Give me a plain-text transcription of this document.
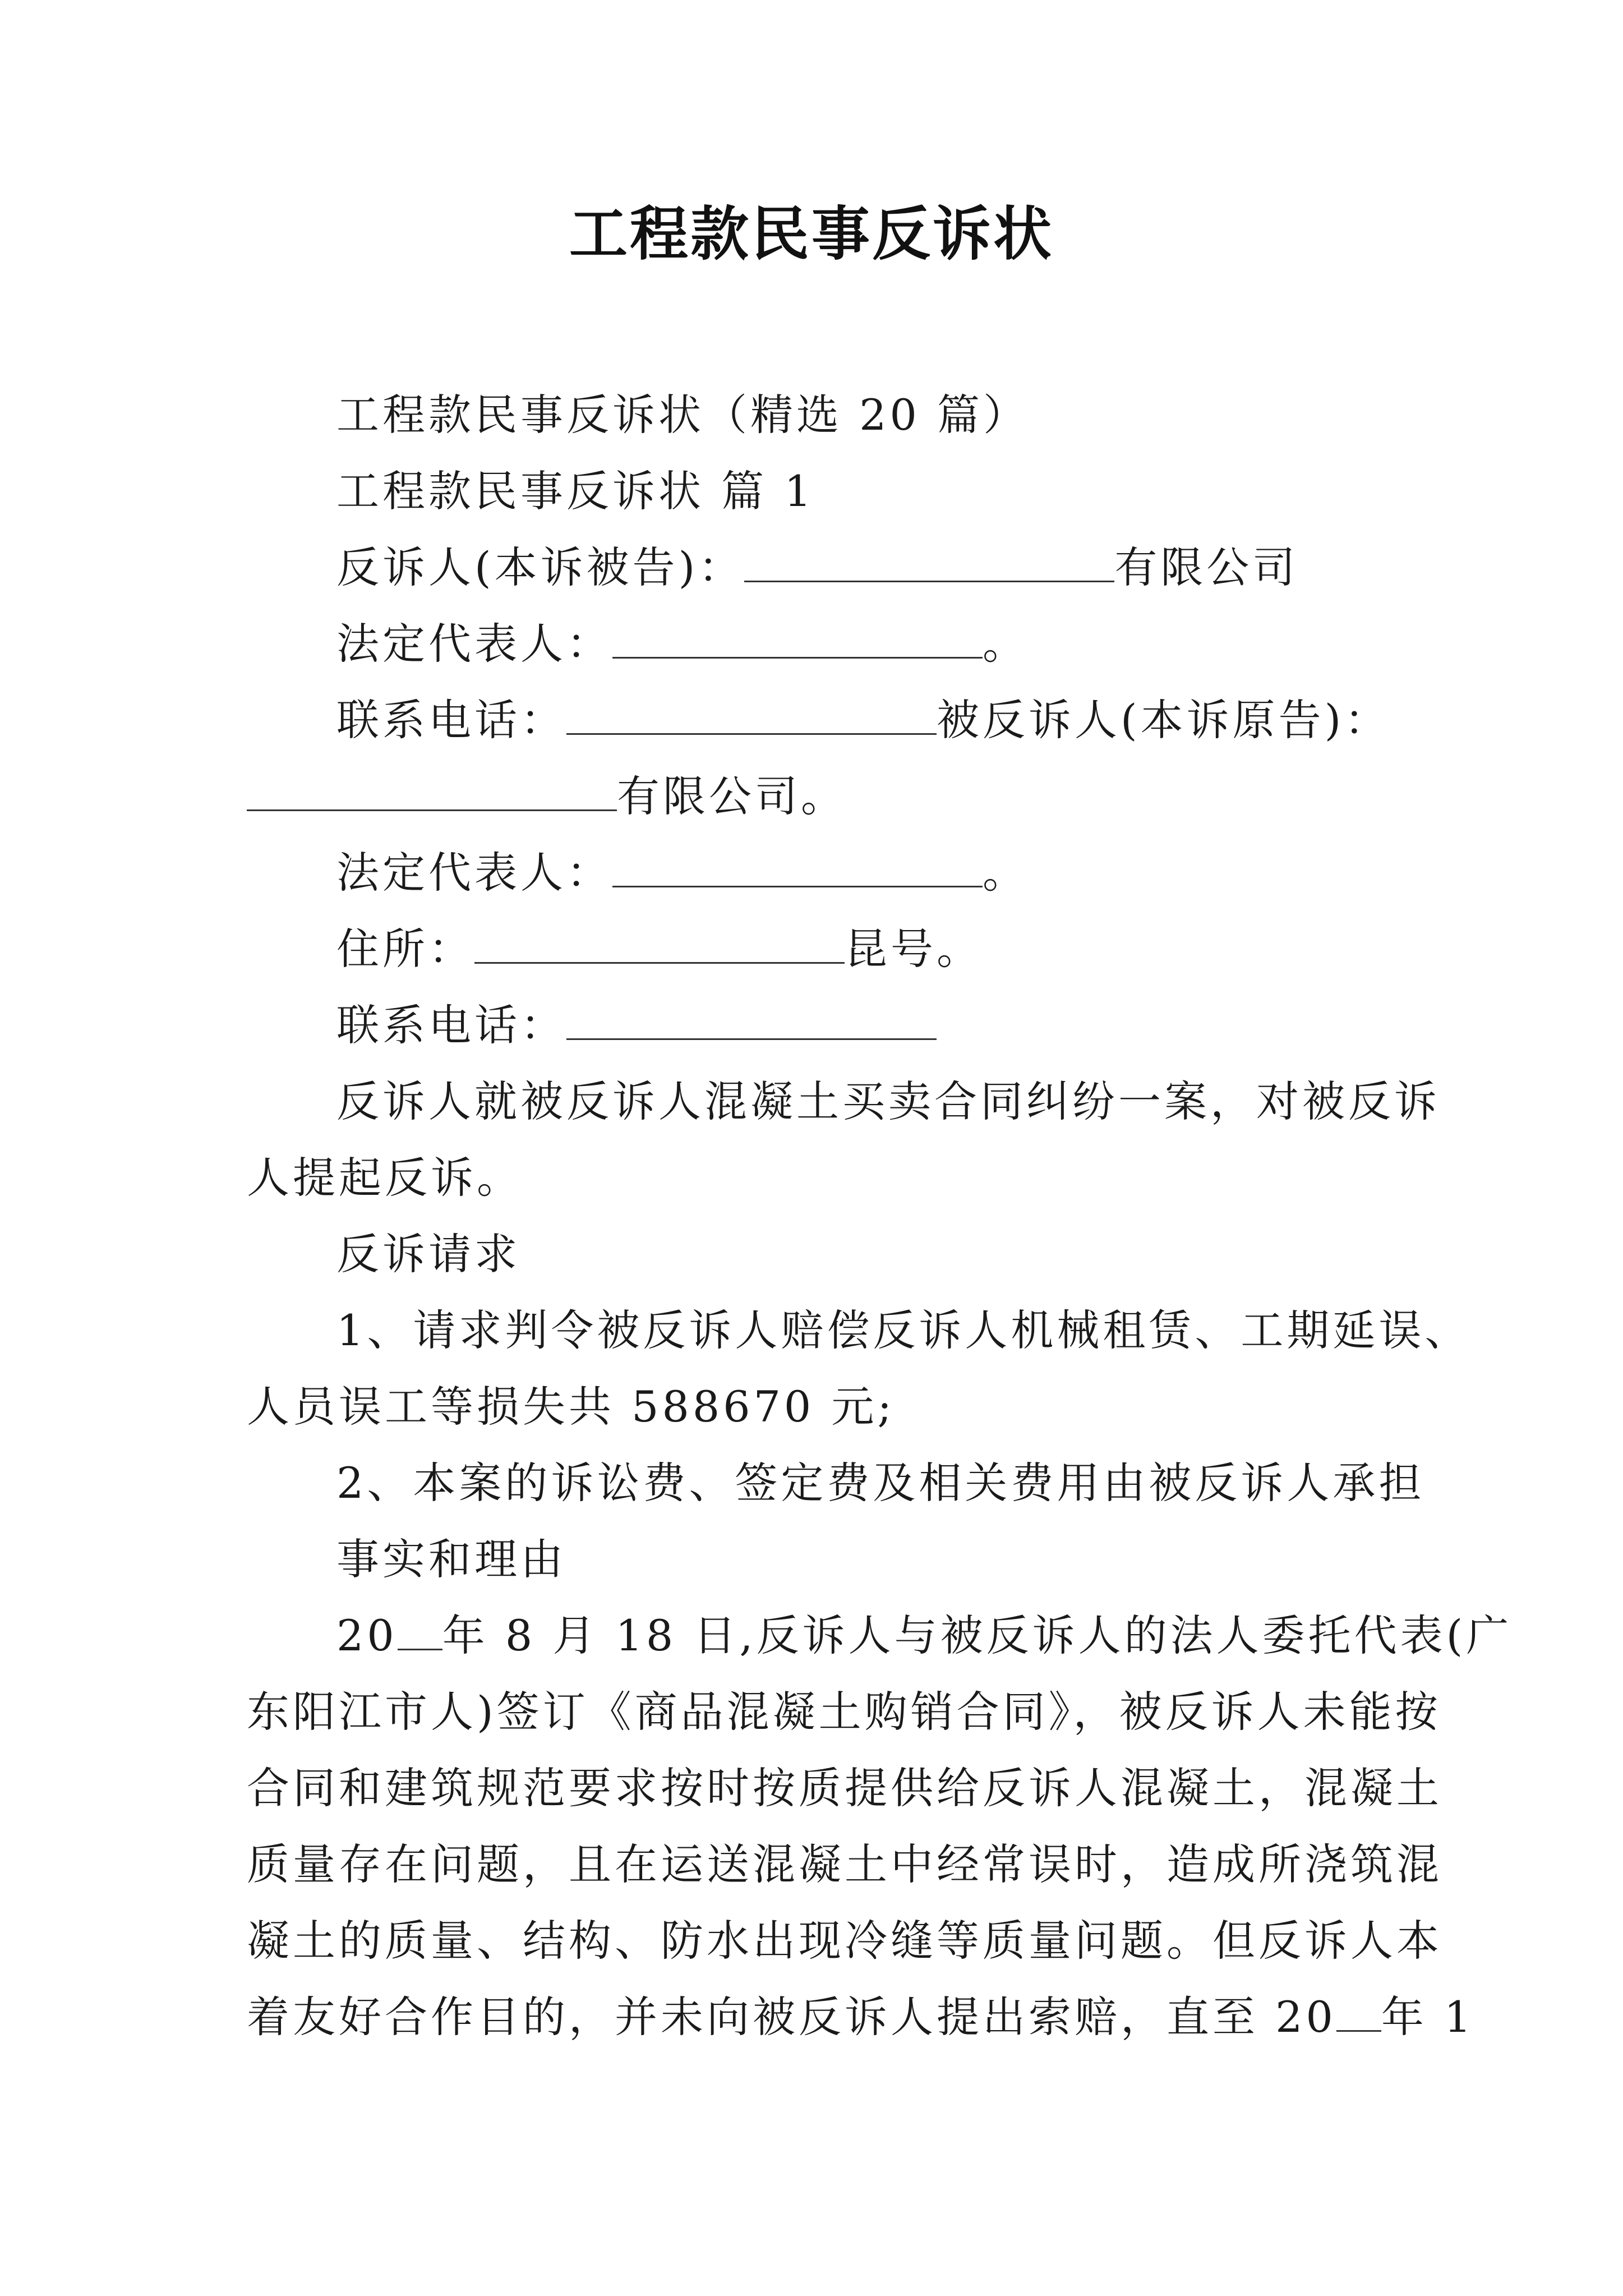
工程款民事反诉状
工程款民事反诉状（精选 20 篇）
工程款民事反诉状 篇 1
反诉人(本诉被告)：	有限公司
法定代表人：	。
联系电话：	被反诉人(本诉原告)：
有限公司。
法定代表人：	。
住所：	昆号。
联系电话：
反诉人就被反诉人混凝土买卖合同纠纷一案，对被反诉
人提起反诉。
反诉请求
1、请求判令被反诉人赔偿反诉人机械租赁、工期延误、
人员误工等损失共 588670 元;
2、本案的诉讼费、签定费及相关费用由被反诉人承担
事实和理由
20 年 8 月 18 日,反诉人与被反诉人的法人委托代表(广
东阳江市人)签订《商品混凝土购销合同》，被反诉人未能按
合同和建筑规范要求按时按质提供给反诉人混凝土，混凝土
质量存在问题，且在运送混凝土中经常误时，造成所浇筑混
凝土的质量、结构、防水出现冷缝等质量问题。但反诉人本
着友好合作目的，并未向被反诉人提出索赔，直至 20 年 1
